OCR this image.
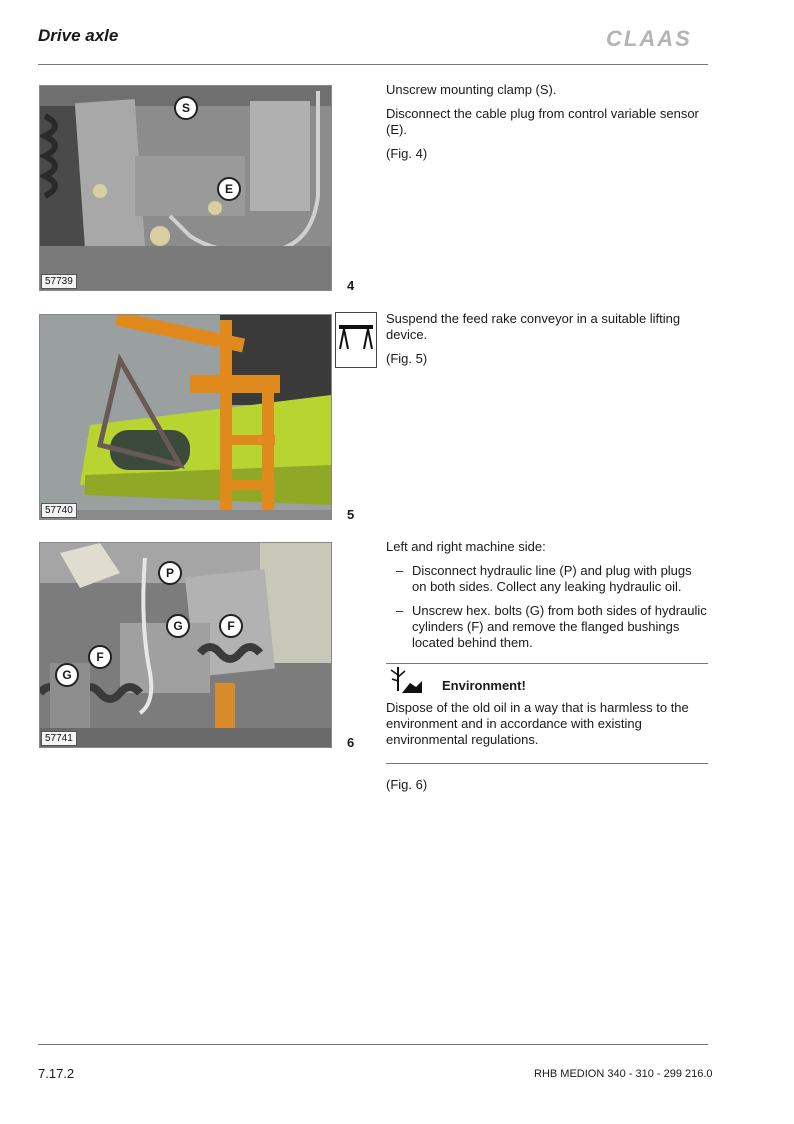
Drive axle	CLAAS
57739
S
E
4

Unscrew mounting clamp (S).

Disconnect the cable plug from control variable sensor (E).

(Fig. 4)

57740	5

Suspend the feed rake conveyor in a suitable lifting device.

(Fig. 5)

57741
P
G	F
F
G
6

Left and right machine side:

– Disconnect hydraulic line (P) and plug with plugs on both sides. Collect any leaking hydraulic oil.
– Unscrew hex. bolts (G) from both sides of hydraulic cylinders (F) and remove the flanged bushings located behind them.
Environment!
Dispose of the old oil in a way that is harmless to the environment and in accordance with existing environmental regulations.
(Fig. 6)
7.17.2	RHB MEDION 340 - 310 - 299 216.0
